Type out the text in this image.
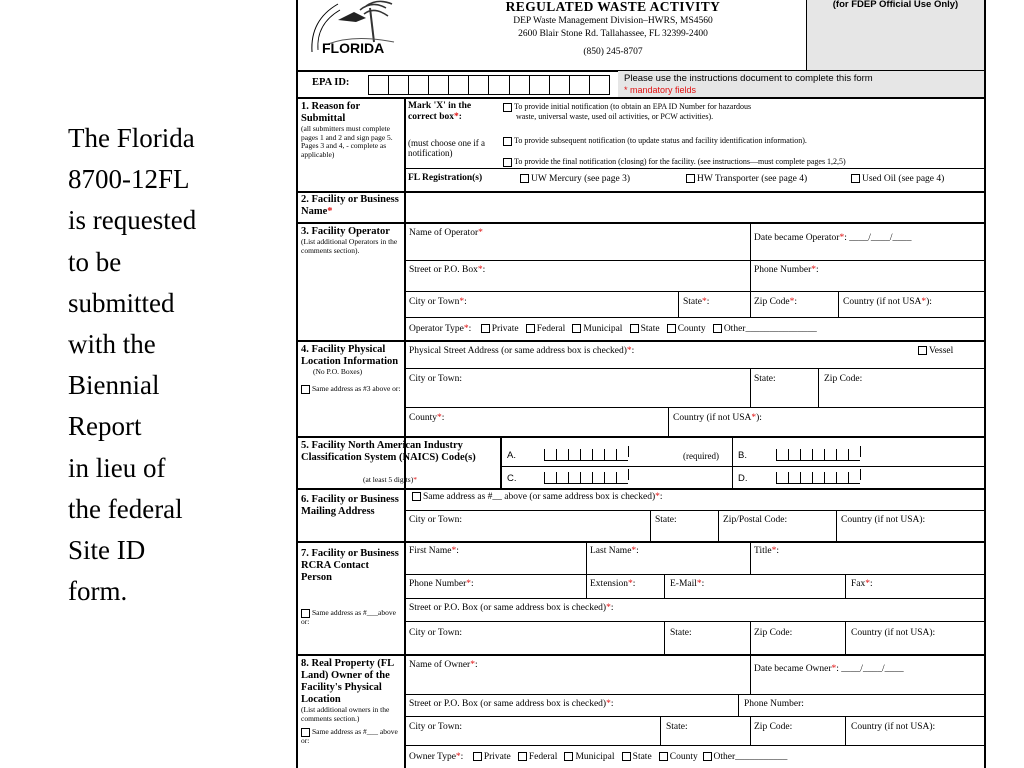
The Florida
8700-12FL
is requested
to be
submitted
with the
Biennial
Report
in lieu of
the federal
Site ID
form.
FLORIDA
REGULATED WASTE ACTIVITY
DEP Waste Management Division–HWRS, MS4560
2600 Blair Stone Rd. Tallahassee, FL 32399-2400
(850) 245-8707
(for FDEP Official Use Only)
EPA ID:	Please use the instructions document to complete this form
* mandatory fields
1. Reason for Submittal
(all submitters must complete pages 1 and 2 and sign page 5. Pages 3 and 4, - complete as applicable)
Mark 'X' in the correct box*:
(must choose one if a notification)
To provide initial notification (to obtain an EPA ID Number for hazardous
waste, universal waste, used oil activities, or PCW activities).
To provide subsequent notification (to update status and facility identification information).
To provide the final notification (closing) for the facility. (see instructions—must complete pages 1,2,5)
FL Registration(s)	UW Mercury (see page 3)	HW Transporter (see page 4)	Used Oil (see page 4)
2. Facility or Business Name*
3. Facility Operator
(List additional Operators in the comments section).
Name of Operator*	Date became Operator*: ____/____/____
Street or P.O. Box*:	Phone Number*:
City or Town*:	State*:	Zip Code*:	Country (if not USA*):
Operator Type*:    Private Federal Municipal State County Other_______________
4. Facility Physical Location Information
(No P.O. Boxes)
Same address as #3 above or:
Physical Street Address (or same address box is checked)*:	Vessel
City or Town:	State:	Zip Code:
County*:	Country (if not USA*):
5. Facility North American Industry Classification System (NAICS) Code(s)
(at least 5 digits)*
A.	(required) B.
C.	D.
6. Facility or Business Mailing Address
Same address as #__ above (or same address box is checked)*:
City or Town:	State:	Zip/Postal Code:	Country (if not USA):
7. Facility or Business RCRA Contact Person
Same address as #___above or:
First Name*:	Last Name*:	Title*:
Phone Number*:	Extension*:	E-Mail*:	Fax*:
Street or P.O. Box (or same address box is checked)*:
City or Town:	State:	Zip Code:	Country (if not USA):
8. Real Property (FL Land) Owner of the Facility's Physical Location
(List additional owners in the comments section.)
Same address as #___ above or:
Name of Owner*:	Date became Owner*: ____/____/____
Street or P.O. Box (or same address box is checked)*:	Phone Number:
City or Town:	State:	Zip Code:	Country (if not USA):
Owner Type*:    Private Federal Municipal State County Other___________
